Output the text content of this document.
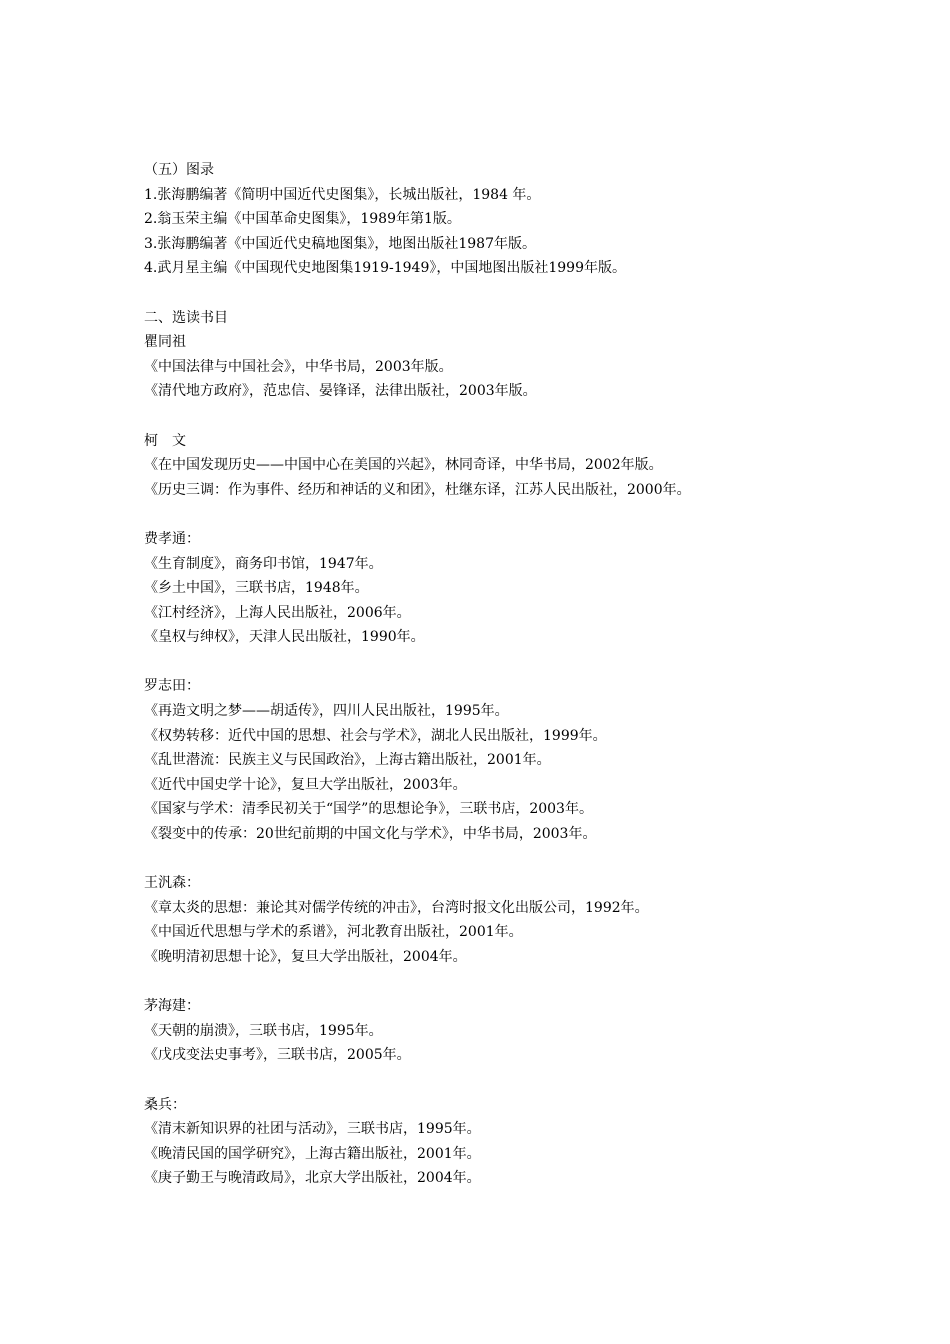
（五）图录
1.张海鹏编著《简明中国近代史图集》，长城出版社，1984 年。
2.翁玉荣主编《中国革命史图集》，1989年第1版。
3.张海鹏编著《中国近代史稿地图集》，地图出版社1987年版。
4.武月星主编《中国现代史地图集1919-1949》，中国地图出版社1999年版。
二、选读书目
瞿同祖
《中国法律与中国社会》，中华书局，2003年版。
《清代地方政府》，范忠信、晏锋译，法律出版社，2003年版。
柯　文
《在中国发现历史——中国中心在美国的兴起》，林同奇译，中华书局，2002年版。
《历史三调：作为事件、经历和神话的义和团》，杜继东译，江苏人民出版社，2000年。
费孝通：
《生育制度》，商务印书馆，1947年。
《乡土中国》，三联书店，1948年。
《江村经济》，上海人民出版社，2006年。
《皇权与绅权》，天津人民出版社，1990年。
罗志田：
《再造文明之梦——胡适传》，四川人民出版社，1995年。
《权势转移：近代中国的思想、社会与学术》，湖北人民出版社，1999年。
《乱世潜流：民族主义与民国政治》，上海古籍出版社，2001年。
《近代中国史学十论》，复旦大学出版社，2003年。
《国家与学术：清季民初关于“国学”的思想论争》，三联书店，2003年。
《裂变中的传承：20世纪前期的中国文化与学术》，中华书局，2003年。
王汎森：
《章太炎的思想：兼论其对儒学传统的冲击》，台湾时报文化出版公司，1992年。
《中国近代思想与学术的系谱》，河北教育出版社，2001年。
《晚明清初思想十论》，复旦大学出版社，2004年。
茅海建：
《天朝的崩溃》，三联书店，1995年。
《戊戌变法史事考》，三联书店，2005年。
桑兵：
《清末新知识界的社团与活动》，三联书店，1995年。
《晚清民国的国学研究》，上海古籍出版社，2001年。
《庚子勤王与晚清政局》，北京大学出版社，2004年。
